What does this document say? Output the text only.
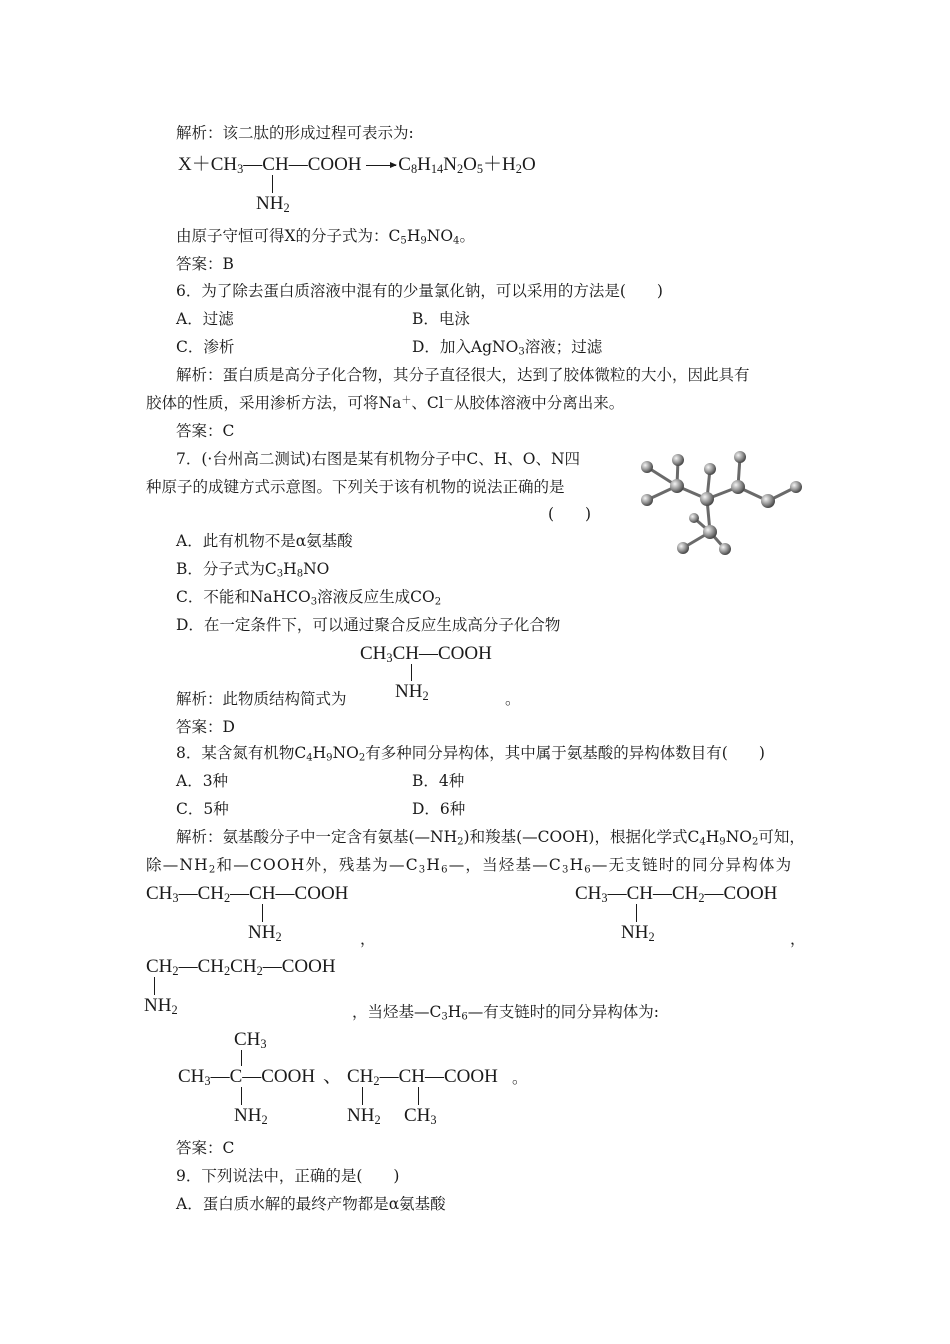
解析：该二肽的形成过程可表示为:
$X+CH_3—CH—COOH \to C_8H_{14}N_2O_5+H_2O$
$NH_2$
由原子守恒可得X的分子式为：$C_5H_9NO_4$。
答案：B
6．为了除去蛋白质溶液中混有的少量氯化钠，可以采用的方法是(　　)
A．过滤	B．电泳
C．渗析	D．加入AgNO$_3$溶液；过滤
解析：蛋白质是高分子化合物，其分子直径很大，达到了胶体微粒的大小，因此具有
胶体的性质，采用渗析方法，可将Na＋、Cl－从胶体溶液中分离出来。
答案：C
7．(·台州高二测试)右图是某有机物分子中C、H、O、N四
种原子的成键方式示意图。下列关于该有机物的说法正确的是
(　　)
A．此有机物不是α氨基酸
B．分子式为$C_3H_8NO$
C．不能和NaHCO$_3$溶液反应生成$CO_2$
D．在一定条件下，可以通过聚合反应生成高分子化合物
$CH_3CH—COOH$
$NH_2$
解析：此物质结构简式为	。
答案：D
8．某含氮有机物$C_4H_9NO_2$有多种同分异构体，其中属于氨基酸的异构体数目有(　　)
A．3种	B．4种
C．5种	D．6种
解析：氨基酸分子中一定含有氨基$(—NH_2)$和羧基(—COOH)，根据化学式$C_4H_9NO_2$可知，
除$—NH_2$和—COOH外，残基为$—C_3H_6—$，当烃基$—C_3H_6—$无支链时的同分异构体为
$CH_3—CH_2—CH—COOH$
$NH_2$	，
$CH_3—CH—CH_2—COOH$
$NH_2$	，
$CH_2—CH_2CH_2—COOH$
$NH_2$	，当烃基$—C_3H_6—$有支链时的同分异构体为:
$CH_3$
$CH_3—C—COOH$
$NH_2$
、 $CH_2—CH—COOH$
$NH_2$ $CH_3$
。
答案：C
9．下列说法中，正确的是(　　)
A．蛋白质水解的最终产物都是α氨基酸
